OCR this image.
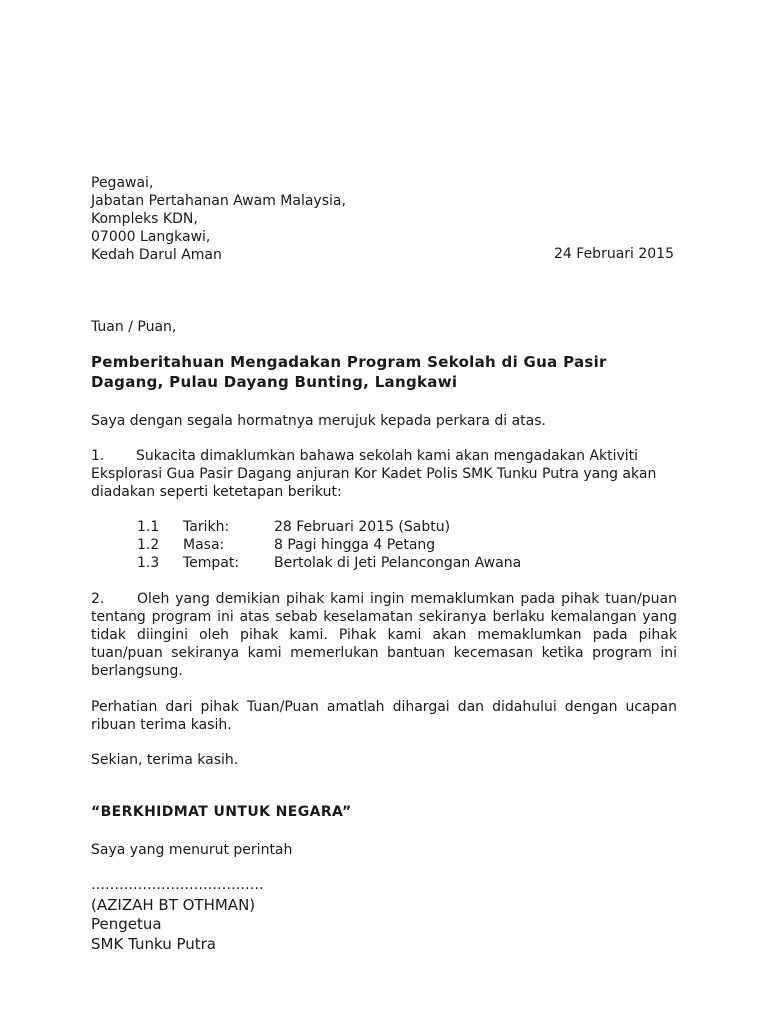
Pegawai,
Jabatan Pertahanan Awam Malaysia,
Kompleks KDN,
07000 Langkawi,
Kedah Darul Aman	24 Februari 2015
Tuan / Puan,
Pemberitahuan Mengadakan Program Sekolah di Gua Pasir
Dagang, Pulau Dayang Bunting, Langkawi
Saya dengan segala hormatnya merujuk kepada perkara di atas.
1. Sukacita dimaklumkan bahawa sekolah kami akan mengadakan Aktiviti
Eksplorasi Gua Pasir Dagang anjuran Kor Kadet Polis SMK Tunku Putra yang akan
diadakan seperti ketetapan berikut:
1.1 Tarikh:	28 Februari 2015 (Sabtu)
1.2 Masa:	8 Pagi hingga 4 Petang
1.3 Tempat: Bertolak di Jeti Pelancongan Awana
2. Oleh yang demikian pihak kami ingin memaklumkan pada pihak tuan/puan
tentang program ini atas sebab keselamatan sekiranya berlaku kemalangan yang
tidak diingini oleh pihak kami. Pihak kami akan memaklumkan pada pihak
tuan/puan sekiranya kami memerlukan bantuan kecemasan ketika program ini
berlangsung.
Perhatian dari pihak Tuan/Puan amatlah dihargai dan didahului dengan ucapan
ribuan terima kasih.
Sekian, terima kasih.
“BERKHIDMAT UNTUK NEGARA”
Saya yang menurut perintah
……………………………….
(AZIZAH BT OTHMAN)
Pengetua
SMK Tunku Putra
